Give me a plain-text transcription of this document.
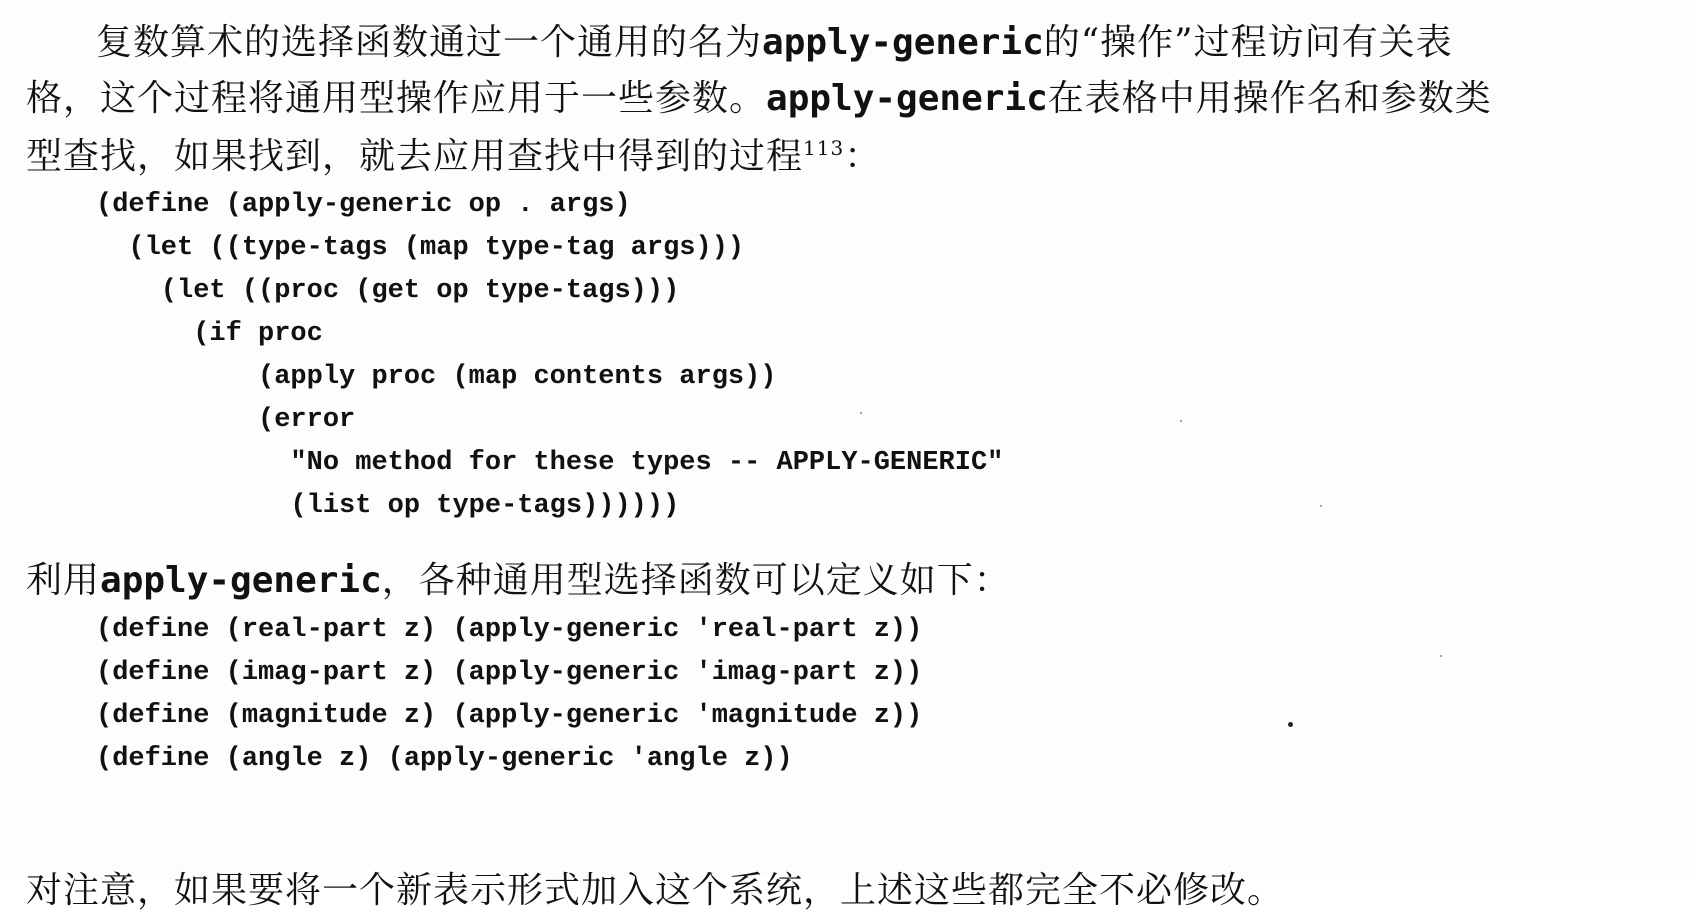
复数算术的选择函数通过一个通用的名为apply-generic的“操作”过程访问有关表
格，这个过程将通用型操作应用于一些参数。apply-generic在表格中用操作名和参数类
型查找，如果找到，就去应用查找中得到的过程$^{113}$：
(define (apply-generic op . args)
(let ((type-tags (map type-tag args)))
(let ((proc (get op type-tags)))
(if proc
(apply proc (map contents args))
(error
"No method for these types -- APPLY-GENERIC"
(list op type-tags))))))
利用apply-generic，各种通用型选择函数可以定义如下：
(define (real-part z) (apply-generic 'real-part z))
(define (imag-part z) (apply-generic 'imag-part z))
(define (magnitude z) (apply-generic 'magnitude z))
(define (angle z) (apply-generic 'angle z))
对注意，如果要将一个新表示形式加入这个系统，上述这些都完全不必修改。
